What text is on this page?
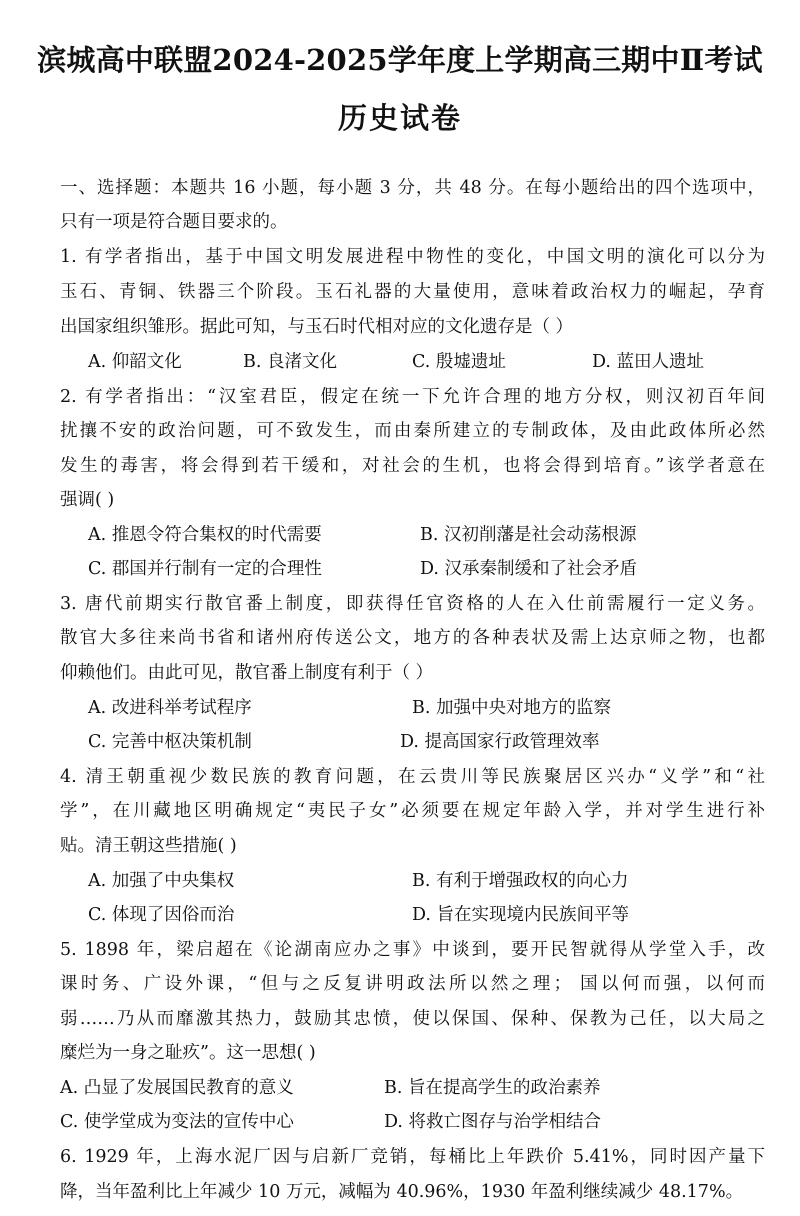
滨城高中联盟2024-2025学年度上学期高三期中Ⅱ考试
历史试卷
一、选择题：本题共 16 小题，每小题 3 分，共 48 分。在每小题给出的四个选项中，
只有一项是符合题目要求的。
1. 有学者指出，基于中国文明发展进程中物性的变化，中国文明的演化可以分为
玉石、青铜、铁器三个阶段。玉石礼器的大量使用，意味着政治权力的崛起，孕育
出国家组织雏形。据此可知，与玉石时代相对应的文化遗存是（ ）
A. 仰韶文化	B. 良渚文化	C. 殷墟遗址	D. 蓝田人遗址
2. 有学者指出：“汉室君臣，假定在统一下允许合理的地方分权，则汉初百年间
扰攘不安的政治问题，可不致发生，而由秦所建立的专制政体，及由此政体所必然
发生的毒害，将会得到若干缓和，对社会的生机，也将会得到培育。”该学者意在
强调( )
A. 推恩令符合集权的时代需要	B. 汉初削藩是社会动荡根源
C. 郡国并行制有一定的合理性	D. 汉承秦制缓和了社会矛盾
3. 唐代前期实行散官番上制度，即获得任官资格的人在入仕前需履行一定义务。
散官大多往来尚书省和诸州府传送公文，地方的各种表状及需上达京师之物，也都
仰赖他们。由此可见，散官番上制度有利于（ ）
A. 改进科举考试程序	B. 加强中央对地方的监察
C. 完善中枢决策机制	D. 提高国家行政管理效率
4. 清王朝重视少数民族的教育问题，在云贵川等民族聚居区兴办“义学”和“社
学”，在川藏地区明确规定“夷民子女”必须要在规定年龄入学，并对学生进行补
贴。清王朝这些措施( )
A. 加强了中央集权	B. 有利于增强政权的向心力
C. 体现了因俗而治	D. 旨在实现境内民族间平等
5. 1898 年，梁启超在《论湖南应办之事》中谈到，要开民智就得从学堂入手，改
课时务、广设外课，“但与之反复讲明政法所以然之理； 国以何而强，以何而
弱……乃从而靡激其热力，鼓励其忠愤，使以保国、保种、保教为己任，以大局之
糜烂为一身之耻疚”。这一思想( )
A. 凸显了发展国民教育的意义	B. 旨在提高学生的政治素养
C. 使学堂成为变法的宣传中心	D. 将救亡图存与治学相结合
6. 1929 年，上海水泥厂因与启新厂竞销，每桶比上年跌价 5.41%，同时因产量下
降，当年盈利比上年减少 10 万元，减幅为 40.96%，1930 年盈利继续减少 48.17%。
